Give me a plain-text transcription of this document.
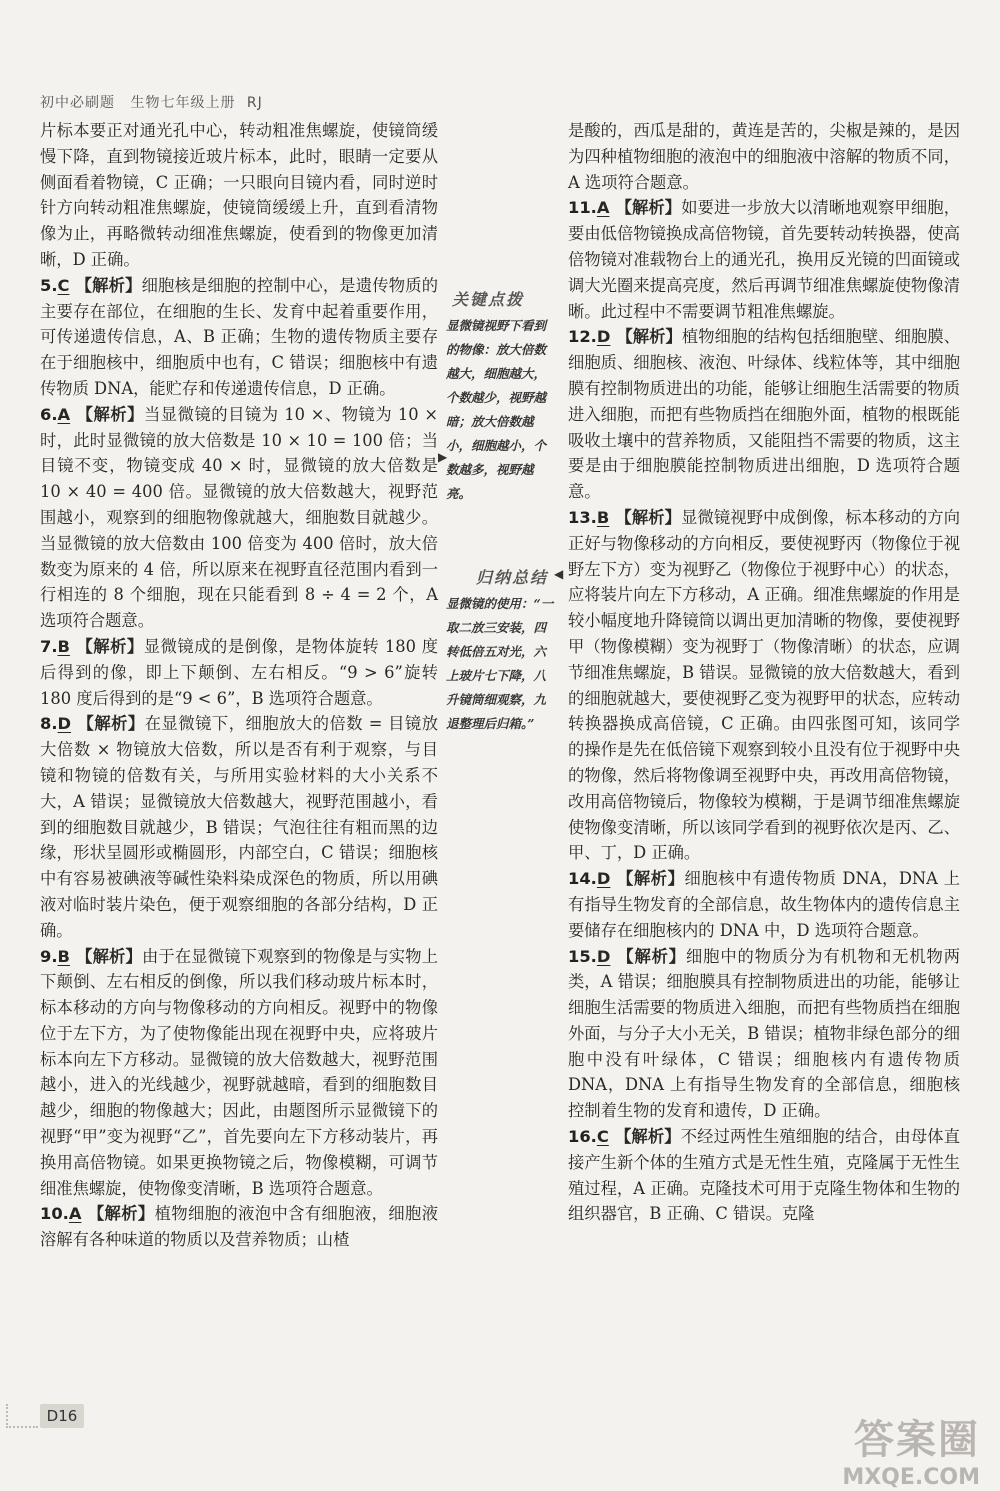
初中必刷题 生物七年级上册 RJ

片标本要正对通光孔中心，转动粗准焦螺旋，使镜筒缓慢下降，直到物镜接近玻片标本，此时，眼睛一定要从侧面看着物镜，C 正确；一只眼向目镜内看，同时逆时针方向转动粗准焦螺旋，使镜筒缓缓上升，直到看清物像为止，再略微转动细准焦螺旋，使看到的物像更加清晰，D 正确。

5.C 【解析】细胞核是细胞的控制中心，是遗传物质的主要存在部位，在细胞的生长、发育中起着重要作用，可传递遗传信息，A、B 正确；生物的遗传物质主要存在于细胞核中，细胞质中也有，C 错误；细胞核中有遗传物质 DNA，能贮存和传递遗传信息，D 正确。
6.A 【解析】当显微镜的目镜为 10 ×、物镜为 10 × 时，此时显微镜的放大倍数是 10 × 10 = 100 倍；当目镜不变，物镜变成 40 × 时，显微镜的放大倍数是 10 × 40 = 400 倍。显微镜的放大倍数越大，视野范围越小，观察到的细胞物像就越大，细胞数目就越少。当显微镜的放大倍数由 100 倍变为 400 倍时，放大倍数变为原来的 4 倍，所以原来在视野直径范围内看到一行相连的 8 个细胞，现在只能看到 8 ÷ 4 = 2 个，A 选项符合题意。
7.B 【解析】显微镜成的是倒像，是物体旋转 180 度后得到的像，即上下颠倒、左右相反。“9 > 6”旋转 180 度后得到的是“9 < 6”，B 选项符合题意。
8.D 【解析】在显微镜下，细胞放大的倍数 = 目镜放大倍数 × 物镜放大倍数，所以是否有利于观察，与目镜和物镜的倍数有关，与所用实验材料的大小关系不大，A 错误；显微镜放大倍数越大，视野范围越小，看到的细胞数目就越少，B 错误；气泡往往有粗而黑的边缘，形状呈圆形或椭圆形，内部空白，C 错误；细胞核中有容易被碘液等碱性染料染成深色的物质，所以用碘液对临时装片染色，便于观察细胞的各部分结构，D 正确。
9.B 【解析】由于在显微镜下观察到的物像是与实物上下颠倒、左右相反的倒像，所以我们移动玻片标本时，标本移动的方向与物像移动的方向相反。视野中的物像位于左下方，为了使物像能出现在视野中央，应将玻片标本向左下方移动。显微镜的放大倍数越大，视野范围越小，进入的光线越少，视野就越暗，看到的细胞数目越少，细胞的物像越大；因此，由题图所示显微镜下的视野“甲”变为视野“乙”，首先要向左下方移动装片，再换用高倍物镜。如果更换物镜之后，物像模糊，可调节细准焦螺旋，使物像变清晰，B 选项符合题意。
10.A 【解析】植物细胞的液泡中含有细胞液，细胞液溶解有各种味道的物质以及营养物质；山楂
关键点拨
显微镜视野下看到的物像：放大倍数越大，细胞越大，个数越少，视野越暗；放大倍数越小，细胞越小，个数越多，视野越亮。
▶
归纳总结
显微镜的使用：“一取二放三安装，四转低倍五对光，六上玻片七下降，八升镜筒细观察，九退整理后归箱。”
◀

是酸的，西瓜是甜的，黄连是苦的，尖椒是辣的，是因为四种植物细胞的液泡中的细胞液中溶解的物质不同，A 选项符合题意。

11.A 【解析】如要进一步放大以清晰地观察甲细胞，要由低倍物镜换成高倍物镜，首先要转动转换器，使高倍物镜对准载物台上的通光孔，换用反光镜的凹面镜或调大光圈来提高亮度，然后再调节细准焦螺旋使物像清晰。此过程中不需要调节粗准焦螺旋。
12.D 【解析】植物细胞的结构包括细胞壁、细胞膜、细胞质、细胞核、液泡、叶绿体、线粒体等，其中细胞膜有控制物质进出的功能，能够让细胞生活需要的物质进入细胞，而把有些物质挡在细胞外面，植物的根既能吸收土壤中的营养物质，又能阻挡不需要的物质，这主要是由于细胞膜能控制物质进出细胞，D 选项符合题意。
13.B 【解析】显微镜视野中成倒像，标本移动的方向正好与物像移动的方向相反，要使视野丙（物像位于视野左下方）变为视野乙（物像位于视野中心）的状态，应将装片向左下方移动，A 正确。细准焦螺旋的作用是较小幅度地升降镜筒以调出更加清晰的物像，要使视野甲（物像模糊）变为视野丁（物像清晰）的状态，应调节细准焦螺旋，B 错误。显微镜的放大倍数越大，看到的细胞就越大，要使视野乙变为视野甲的状态，应转动转换器换成高倍镜，C 正确。由四张图可知，该同学的操作是先在低倍镜下观察到较小且没有位于视野中央的物像，然后将物像调至视野中央，再改用高倍物镜，改用高倍物镜后，物像较为模糊，于是调节细准焦螺旋使物像变清晰，所以该同学看到的视野依次是丙、乙、甲、丁，D 正确。
14.D 【解析】细胞核中有遗传物质 DNA，DNA 上有指导生物发育的全部信息，故生物体内的遗传信息主要储存在细胞核内的 DNA 中，D 选项符合题意。
15.D 【解析】细胞中的物质分为有机物和无机物两类，A 错误；细胞膜具有控制物质进出的功能，能够让细胞生活需要的物质进入细胞，而把有些物质挡在细胞外面，与分子大小无关，B 错误；植物非绿色部分的细胞中没有叶绿体，C 错误；细胞核内有遗传物质 DNA，DNA 上有指导生物发育的全部信息，细胞核控制着生物的发育和遗传，D 正确。
16.C 【解析】不经过两性生殖细胞的结合，由母体直接产生新个体的生殖方式是无性生殖，克隆属于无性生殖过程，A 正确。克隆技术可用于克隆生物体和生物的组织器官，B 正确、C 错误。克隆
D16
答案圈
MXQE.COM
